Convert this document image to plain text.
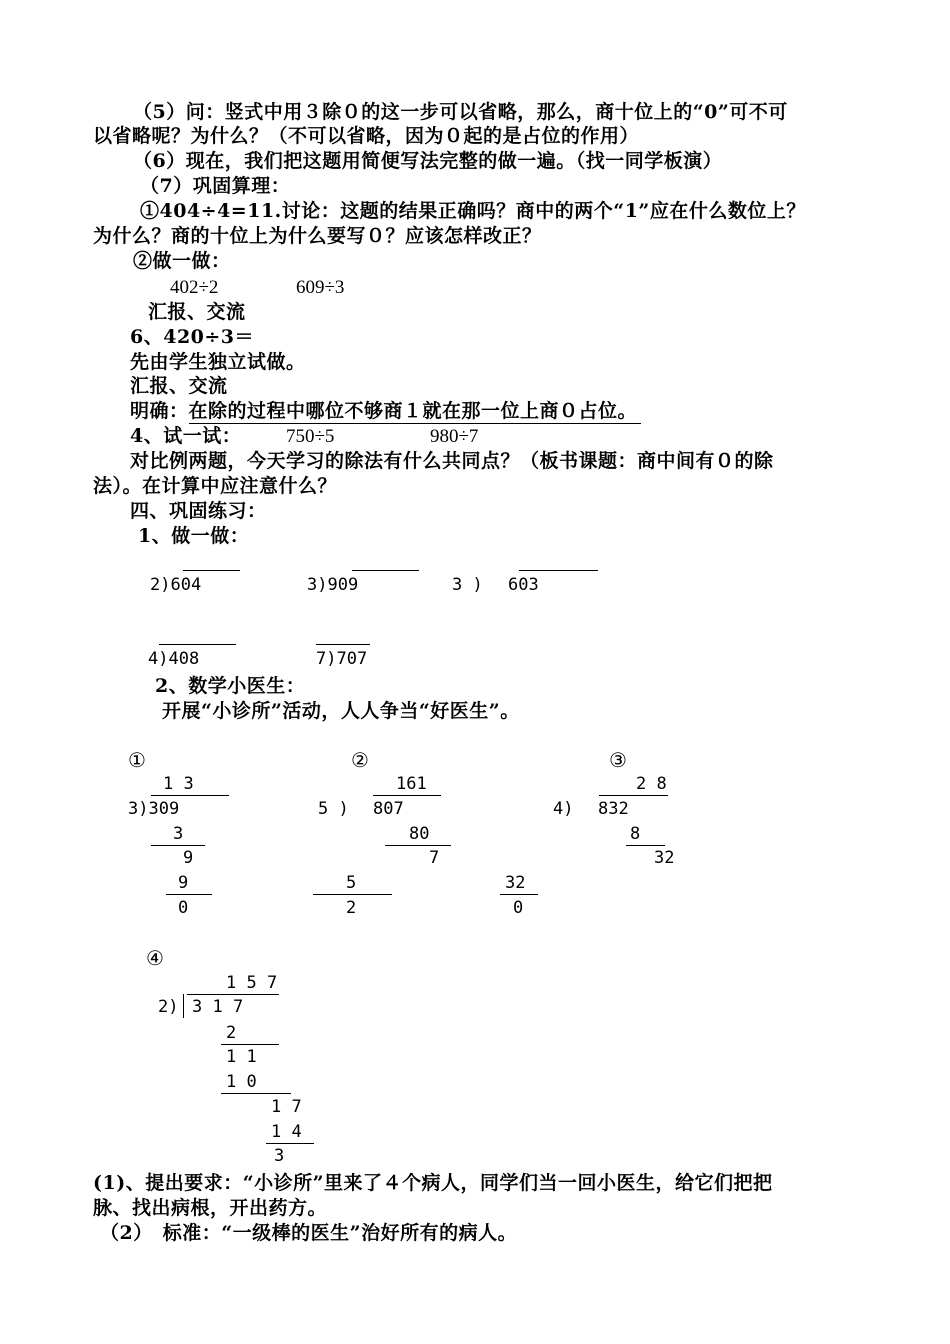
（5）问：竖式中用３除０的这一步可以省略，那么，商十位上的“0”可不可
以省略呢？为什么？（不可以省略，因为０起的是占位的作用）
（6）现在，我们把这题用简便写法完整的做一遍。（找一同学板演）
（7）巩固算理：
①404÷4=11.讨论：这题的结果正确吗？商中的两个“1”应在什么数位上？
为什么？商的十位上为什么要写０？应该怎样改正？
②做一做：
402÷2	609÷3
汇报、交流
6、420÷3＝
先由学生独立试做。
汇报、交流
明确：在除的过程中哪位不够商１就在那一位上商０占位。
4、试一试： 750÷5	980÷7
对比例两题，今天学习的除法有什么共同点？（板书课题：商中间有０的除
法）。在计算中应注意什么？
四、巩固练习：
1、做一做：
2)604	3)909	3 ) 603
4)408	7)707
2、数学小医生：
开展“小诊所”活动，人人争当“好医生”。
①	②	③
1 3
3)309
3
9
9
0
161
5 ) 807
80
7
5
2
2 8
4) 832
8
32
32
0
④
1 5 7
2) 3 1 7
2
1 1
1 0
1 7
1 4
3
(1)、提出要求：“小诊所”里来了４个病人，同学们当一回小医生，给它们把把
脉、找出病根，开出药方。
（2）　标准：“一级棒的医生”治好所有的病人。
